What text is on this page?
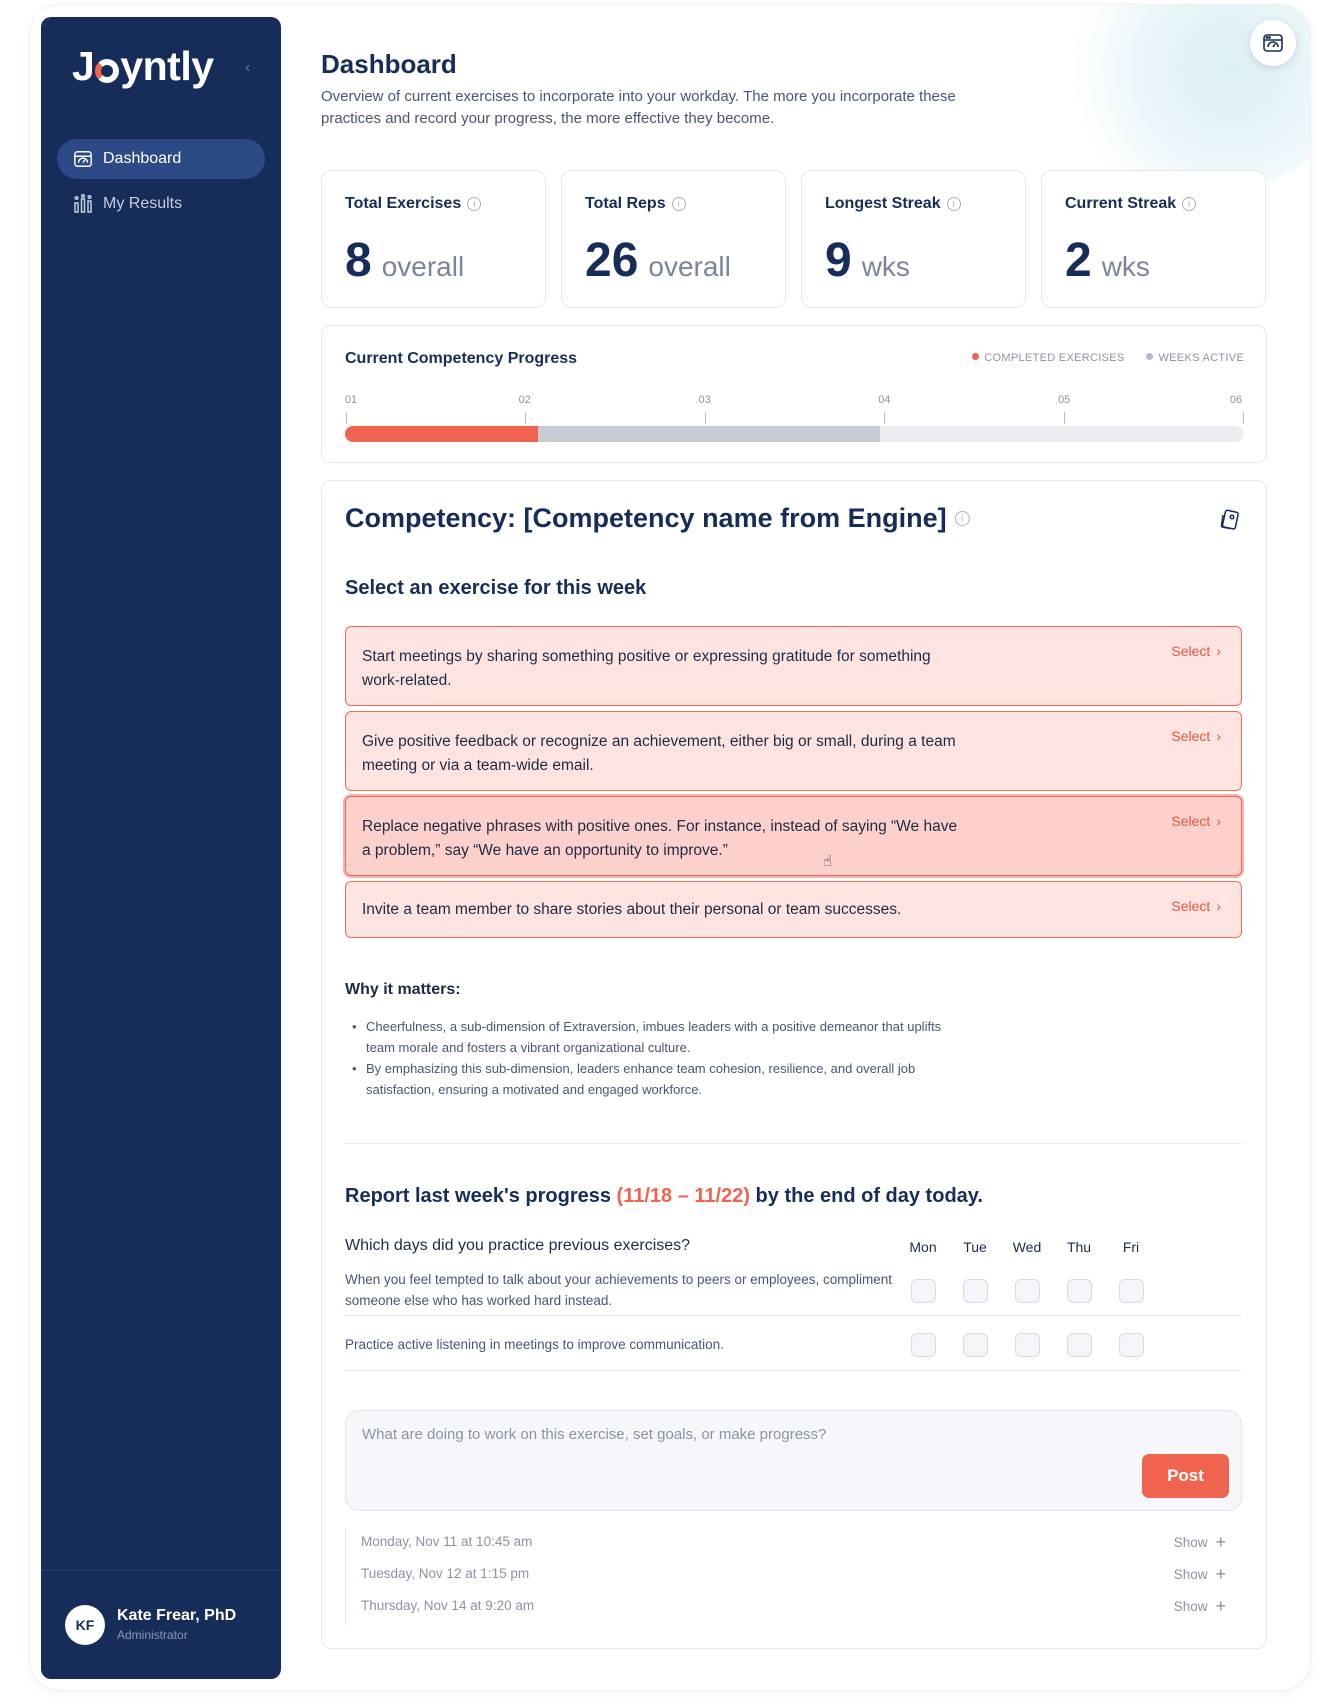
J yntly ‹
Dashboard
My Results
KF
Kate Frear, PhD
Administrator
Dashboard

Overview of current exercises to incorporate into your workday. The more you incorporate these practices and record your progress, the more effective they become.

Total Exercises	i
8 overall
Total Reps	i
26 overall
Longest Streak	i
9 wks
Current Streak	i
2 wks
Current Competency Progress	COMPLETED EXERCISES	WEEKS ACTIVE
01	02	03	04	05	06
Competency: [Competency name from Engine]	i
Select an exercise for this week
Start meetings by sharing something positive or expressing gratitude for something work-related.
Select ›
Give positive feedback or recognize an achievement, either big or small, during a team meeting or via a team-wide email.
Select ›
Replace negative phrases with positive ones. For instance, instead of saying “We have a problem,” say “We have an opportunity to improve.”
Select ›
Invite a team member to share stories about their personal or team successes.	Select ›
Why it matters:
• Cheerfulness, a sub-dimension of Extraversion, imbues leaders with a positive demeanor that uplifts team morale and fosters a vibrant organizational culture.
• By emphasizing this sub-dimension, leaders enhance team cohesion, resilience, and overall job satisfaction, ensuring a motivated and engaged workforce.
Report last week's progress (11/18 – 11/22) by the end of day today.
Which days did you practice previous exercises?	Mon	Tue	Wed	Thu	Fri
When you feel tempted to talk about your achievements to peers or employees, compliment someone else who has worked hard instead.
Practice active listening in meetings to improve communication.
What are doing to work on this exercise, set goals, or make progress?
Post
Monday, Nov 11 at 10:45 am	Show +
Tuesday, Nov 12 at 1:15 pm	Show +
Thursday, Nov 14 at 9:20 am	Show +
☝
